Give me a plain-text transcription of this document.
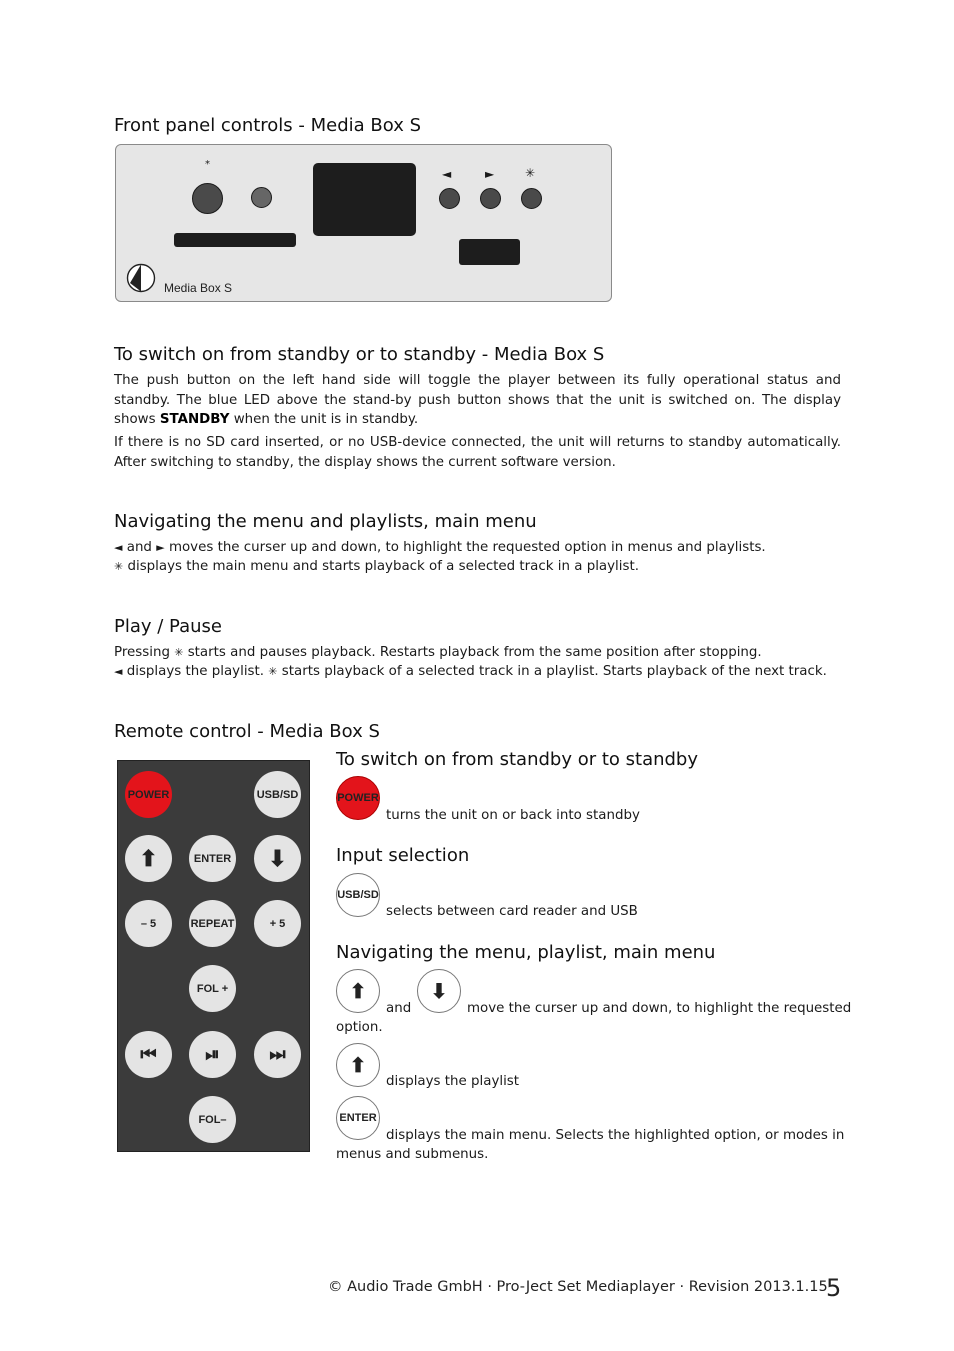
Front panel controls - Media Box S
*
◄	►	✳
Media Box S
To switch on from standby or to standby - Media Box S

The push button on the left hand side will toggle the player between its fully operational status and standby. The blue LED above the stand-by push button shows that the unit is switched on. The display shows STANDBY when the unit is in standby.

If there is no SD card inserted, or no USB-device connected, the unit will returns to standby automatically. After switching to standby, the display shows the current software version.

Navigating the menu and playlists, main menu

◄ and ► moves the curser up and down, to highlight the requested option in menus and playlists.

✳ displays the main menu and starts playback of a selected track in a playlist.

Play / Pause

Pressing ✳ starts and pauses playback. Restarts playback from the same position after stopping.

◄ displays the playlist. ✳ starts playback of a selected track in a playlist. Starts playback of the next track.

Remote control - Media Box S
POWER	USB/SD
⬆	ENTER	⬇
– 5	REPEAT	+ 5
FOL +
⏮	⏯	⏭
FOL–
To switch on from standby or to standby
POWER

turns the unit on or back into standby

Input selection
USB/SD

selects between card reader and USB

Navigating the menu, playlist, main menu
⬆

and

⬇

move the curser up and down, to highlight the requested

option.

⬆

displays the playlist

ENTER

displays the main menu. Selects the highlighted option, or modes in

menus and submenus.

© Audio Trade GmbH · Pro-Ject Set Mediaplayer · Revision 2013.1.15
5
